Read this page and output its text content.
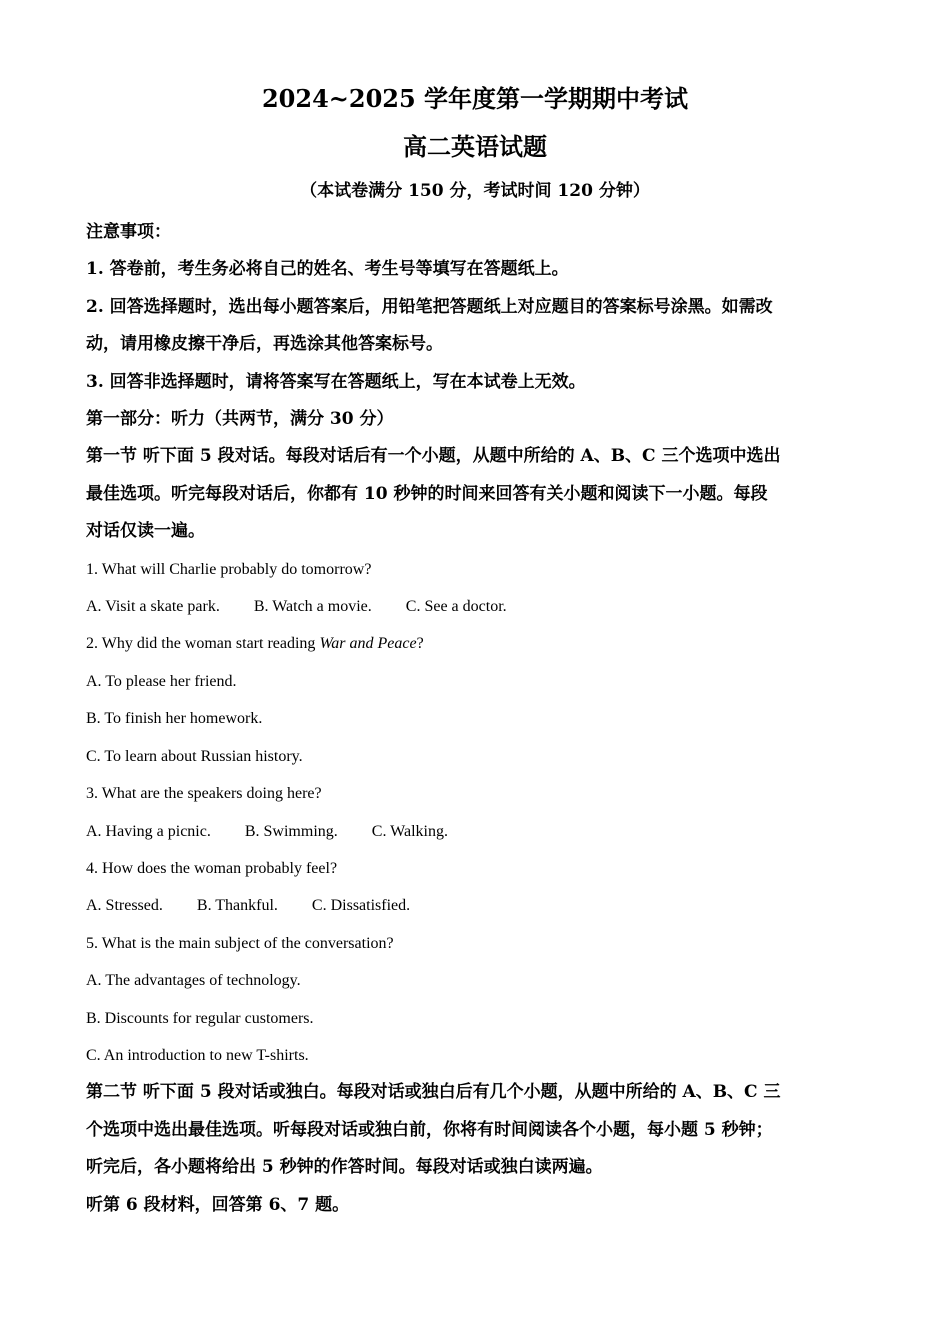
2024~2025 学年度第一学期期中考试
高二英语试题
（本试卷满分 150 分，考试时间 120 分钟）
注意事项：
1. 答卷前，考生务必将自己的姓名、考生号等填写在答题纸上。
2. 回答选择题时，选出每小题答案后，用铅笔把答题纸上对应题目的答案标号涂黑。如需改
动，请用橡皮擦干净后，再选涂其他答案标号。
3. 回答非选择题时，请将答案写在答题纸上，写在本试卷上无效。
第一部分：听力（共两节，满分 30 分）
第一节 听下面 5 段对话。每段对话后有一个小题，从题中所给的 A、B、C 三个选项中选出
最佳选项。听完每段对话后，你都有 10 秒钟的时间来回答有关小题和阅读下一小题。每段
对话仅读一遍。
1. What will Charlie probably do tomorrow?
A. Visit a skate park. B. Watch a movie. C. See a doctor.
2. Why did the woman start reading War and Peace?
A. To please her friend.
B. To finish her homework.
C. To learn about Russian history.
3. What are the speakers doing here?
A. Having a picnic. B. Swimming. C. Walking.
4. How does the woman probably feel?
A. Stressed. B. Thankful. C. Dissatisfied.
5. What is the main subject of the conversation?
A. The advantages of technology.
B. Discounts for regular customers.
C. An introduction to new T-shirts.
第二节 听下面 5 段对话或独白。每段对话或独白后有几个小题，从题中所给的 A、B、C 三
个选项中选出最佳选项。听每段对话或独白前，你将有时间阅读各个小题，每小题 5 秒钟；
听完后，各小题将给出 5 秒钟的作答时间。每段对话或独白读两遍。
听第 6 段材料，回答第 6、7 题。
